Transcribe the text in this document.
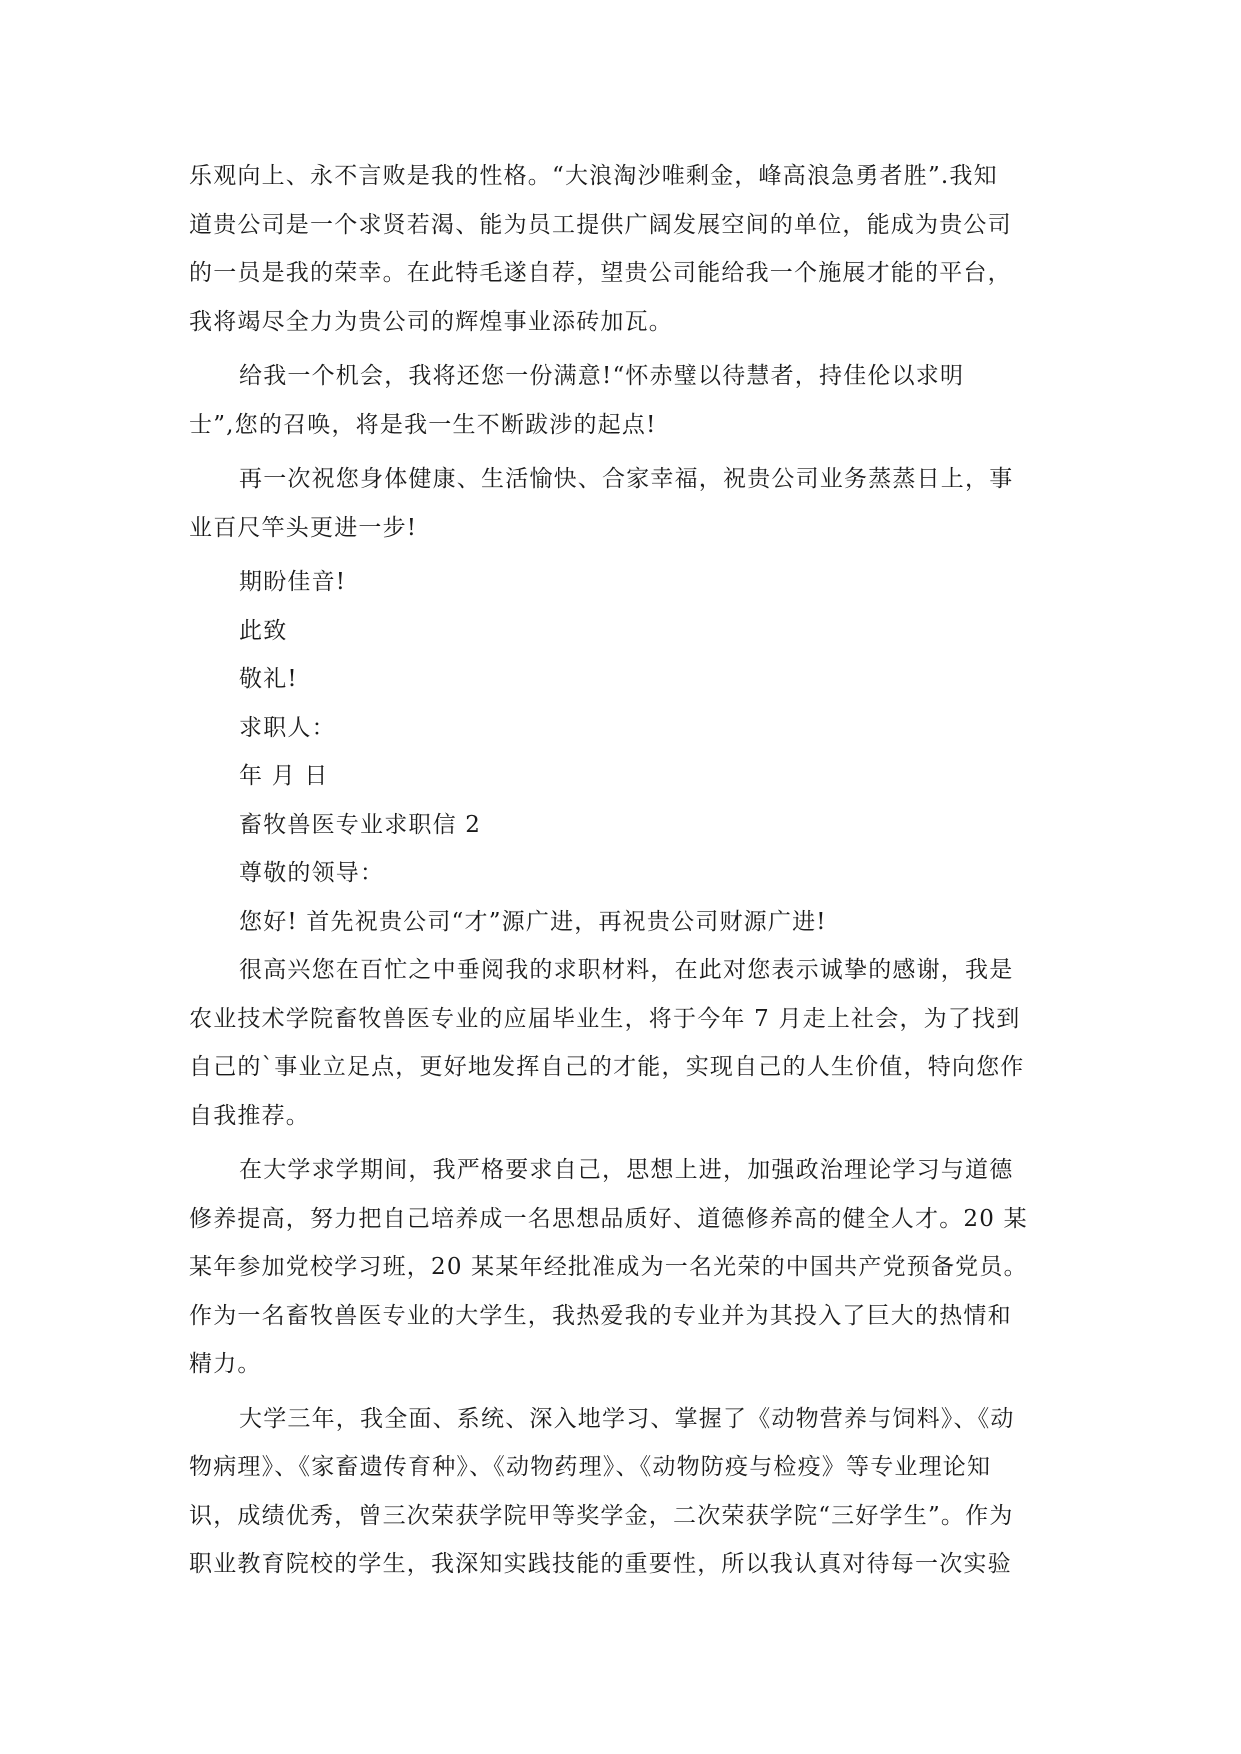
乐观向上、永不言败是我的性格。“大浪淘沙唯剩金，峰高浪急勇者胜”.我知
道贵公司是一个求贤若渴、能为员工提供广阔发展空间的单位，能成为贵公司
的一员是我的荣幸。在此特毛遂自荐，望贵公司能给我一个施展才能的平台，
我将竭尽全力为贵公司的辉煌事业添砖加瓦。
给我一个机会，我将还您一份满意!“怀赤璧以待慧者，持佳伦以求明
士”,您的召唤，将是我一生不断跋涉的起点!
再一次祝您身体健康、生活愉快、合家幸福，祝贵公司业务蒸蒸日上，事
业百尺竿头更进一步!
期盼佳音!
此致
敬礼!
求职人：
年 月 日
畜牧兽医专业求职信 2
尊敬的领导：
您好! 首先祝贵公司“才”源广进，再祝贵公司财源广进!
很高兴您在百忙之中垂阅我的求职材料，在此对您表示诚挚的感谢，我是
农业技术学院畜牧兽医专业的应届毕业生，将于今年 7 月走上社会，为了找到
自己的`事业立足点，更好地发挥自己的才能，实现自己的人生价值，特向您作
自我推荐。
在大学求学期间，我严格要求自己，思想上进，加强政治理论学习与道德
修养提高，努力把自己培养成一名思想品质好、道德修养高的健全人才。20 某
某年参加党校学习班，20 某某年经批准成为一名光荣的中国共产党预备党员。
作为一名畜牧兽医专业的大学生，我热爱我的专业并为其投入了巨大的热情和
精力。
大学三年，我全面、系统、深入地学习、掌握了《动物营养与饲料》、《动
物病理》、《家畜遗传育种》、《动物药理》、《动物防疫与检疫》等专业理论知
识，成绩优秀，曾三次荣获学院甲等奖学金，二次荣获学院“三好学生”。作为
职业教育院校的学生，我深知实践技能的重要性，所以我认真对待每一次实验
